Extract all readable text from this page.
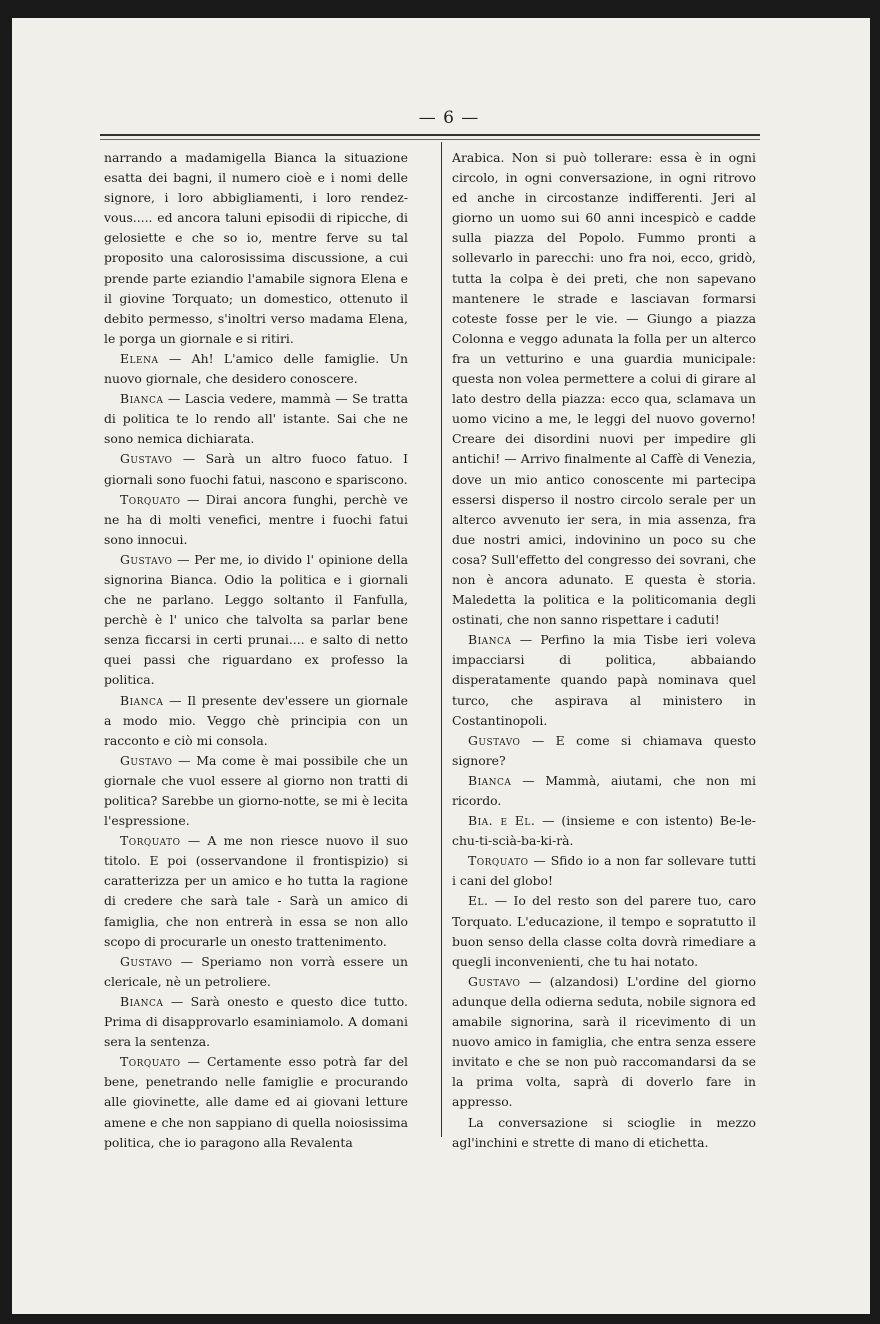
— 6 —

narrando a madamigella Bianca la situazione esatta dei bagni, il numero cioè e i nomi delle signore, i loro abbigliamenti, i loro rendez-vous..... ed ancora taluni episodii di ripicche, di gelosiette e che so io, mentre ferve su tal proposito una calorosissima discussione, a cui prende parte eziandio l'amabile signora Elena e il giovine Torquato; un domestico, ottenuto il debito permesso, s'inoltri verso madama Elena, le porga un giornale e si ritiri.

Elena — Ah! L'amico delle famiglie. Un nuovo giornale, che desidero conoscere.

Bianca — Lascia vedere, mammà — Se tratta di politica te lo rendo all' istante. Sai che ne sono nemica dichiarata.

Gustavo — Sarà un altro fuoco fatuo. I giornali sono fuochi fatui, nascono e spariscono.

Torquato — Dirai ancora funghi, perchè ve ne ha di molti venefici, mentre i fuochi fatui sono innocui.

Gustavo — Per me, io divido l' opinione della signorina Bianca. Odio la politica e i giornali che ne parlano. Leggo soltanto il Fanfulla, perchè è l' unico che talvolta sa parlar bene senza ficcarsi in certi prunai.... e salto di netto quei passi che riguardano ex professo la politica.

Bianca — Il presente dev'essere un giornale a modo mio. Veggo chè principia con un racconto e ciò mi consola.

Gustavo — Ma come è mai possibile che un giornale che vuol essere al giorno non tratti di politica? Sarebbe un giorno-notte, se mi è lecita l'espressione.

Torquato — A me non riesce nuovo il suo titolo. E poi (osservandone il frontispizio) si caratterizza per un amico e ho tutta la ragione di credere che sarà tale - Sarà un amico di famiglia, che non entrerà in essa se non allo scopo di procurarle un onesto trattenimento.

Gustavo — Speriamo non vorrà essere un clericale, nè un petroliere.

Bianca — Sarà onesto e questo dice tutto. Prima di disapprovarlo esaminiamolo. A domani sera la sentenza.

Torquato — Certamente esso potrà far del bene, penetrando nelle famiglie e procurando alle giovinette, alle dame ed ai giovani letture amene e che non sappiano di quella noiosissima politica, che io paragono alla Revalenta

Arabica. Non si può tollerare: essa è in ogni circolo, in ogni conversazione, in ogni ritrovo ed anche in circostanze indifferenti. Jeri al giorno un uomo sui 60 anni incespicò e cadde sulla piazza del Popolo. Fummo pronti a sollevarlo in parecchi: uno fra noi, ecco, gridò, tutta la colpa è dei preti, che non sapevano mantenere le strade e lasciavan formarsi coteste fosse per le vie. — Giungo a piazza Colonna e veggo adunata la folla per un alterco fra un vetturino e una guardia municipale: questa non volea permettere a colui di girare al lato destro della piazza: ecco qua, sclamava un uomo vicino a me, le leggi del nuovo governo! Creare dei disordini nuovi per impedire gli antichi! — Arrivo finalmente al Caffè di Venezia, dove un mio antico conoscente mi partecipa essersi disperso il nostro circolo serale per un alterco avvenuto ier sera, in mia assenza, fra due nostri amici, indovinino un poco su che cosa? Sull'effetto del congresso dei sovrani, che non è ancora adunato. E questa è storia. Maledetta la politica e la politicomania degli ostinati, che non sanno rispettare i caduti!

Bianca — Perfino la mia Tisbe ieri voleva impacciarsi di politica, abbaiando disperatamente quando papà nominava quel turco, che aspirava al ministero in Costantinopoli.

Gustavo — E come si chiamava questo signore?

Bianca — Mammà, aiutami, che non mi ricordo.

Bia. e El. — (insieme e con istento) Be-le-chu-ti-scià-ba-ki-rà.

Torquato — Sfido io a non far sollevare tutti i cani del globo!

El. — Io del resto son del parere tuo, caro Torquato. L'educazione, il tempo e sopratutto il buon senso della classe colta dovrà rimediare a quegli inconvenienti, che tu hai notato.

Gustavo — (alzandosi) L'ordine del giorno adunque della odierna seduta, nobile signora ed amabile signorina, sarà il ricevimento di un nuovo amico in famiglia, che entra senza essere invitato e che se non può raccomandarsi da se la prima volta, saprà di doverlo fare in appresso.

La conversazione si scioglie in mezzo agl'inchini e strette di mano di etichetta.
